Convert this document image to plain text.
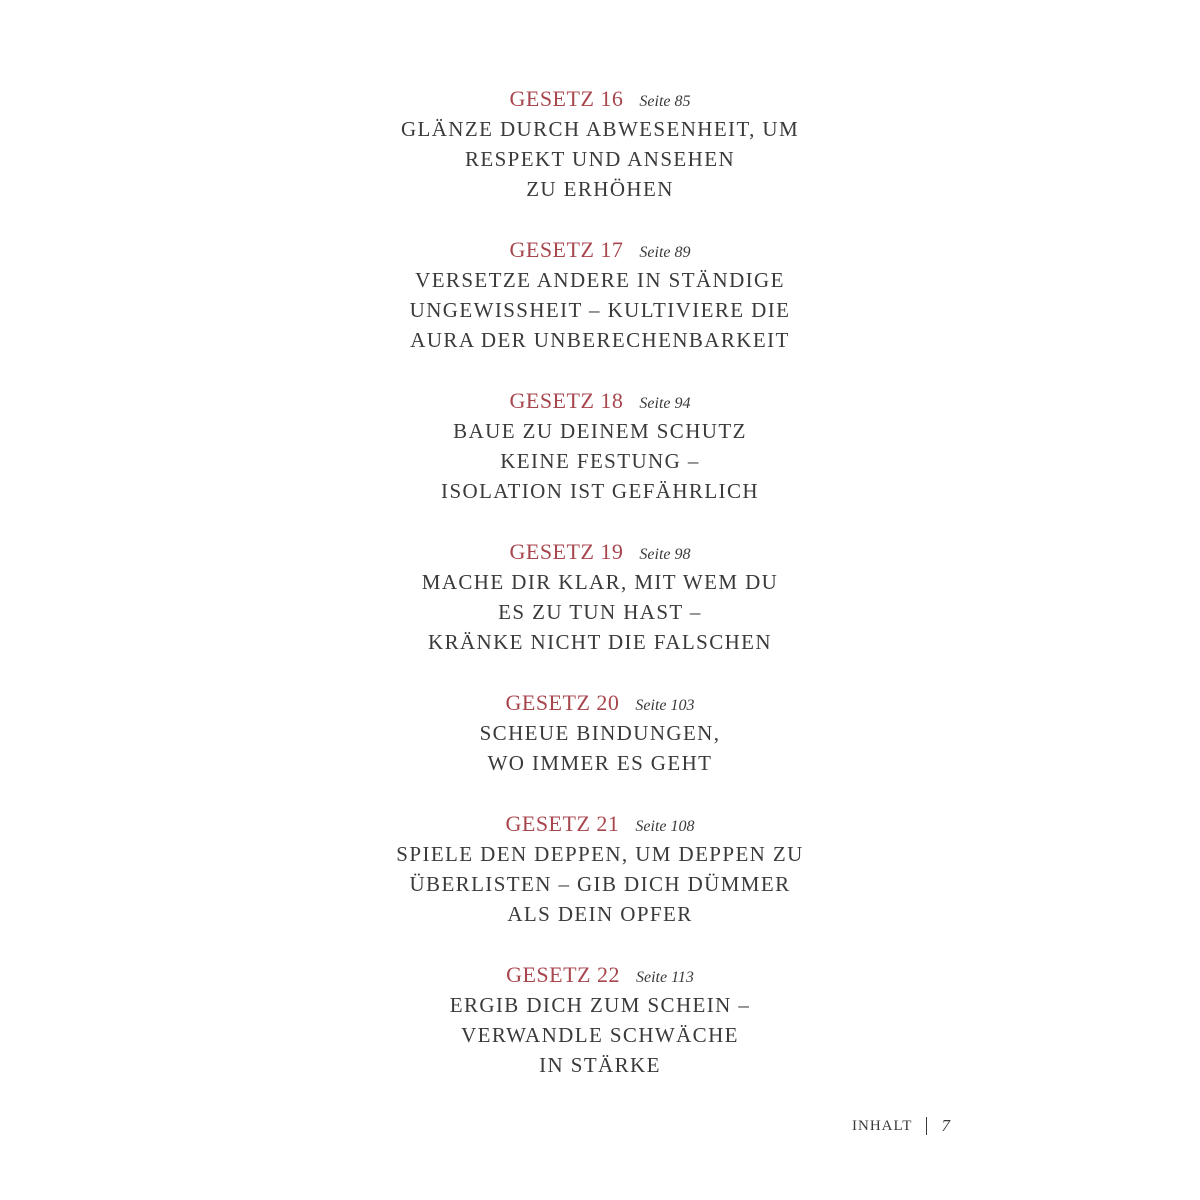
GESETZ 16 Seite 85
GLÄNZE DURCH ABWESENHEIT, UM
RESPEKT UND ANSEHEN
ZU ERHÖHEN
GESETZ 17 Seite 89
VERSETZE ANDERE IN STÄNDIGE
UNGEWISSHEIT – KULTIVIERE DIE
AURA DER UNBERECHENBARKEIT
GESETZ 18 Seite 94
BAUE ZU DEINEM SCHUTZ
KEINE FESTUNG –
ISOLATION IST GEFÄHRLICH
GESETZ 19 Seite 98
MACHE DIR KLAR, MIT WEM DU
ES ZU TUN HAST –
KRÄNKE NICHT DIE FALSCHEN
GESETZ 20 Seite 103
SCHEUE BINDUNGEN,
WO IMMER ES GEHT
GESETZ 21 Seite 108
SPIELE DEN DEPPEN, UM DEPPEN ZU
ÜBERLISTEN – GIB DICH DÜMMER
ALS DEIN OPFER
GESETZ 22 Seite 113
ERGIB DICH ZUM SCHEIN –
VERWANDLE SCHWÄCHE
IN STÄRKE
INHALT 7
